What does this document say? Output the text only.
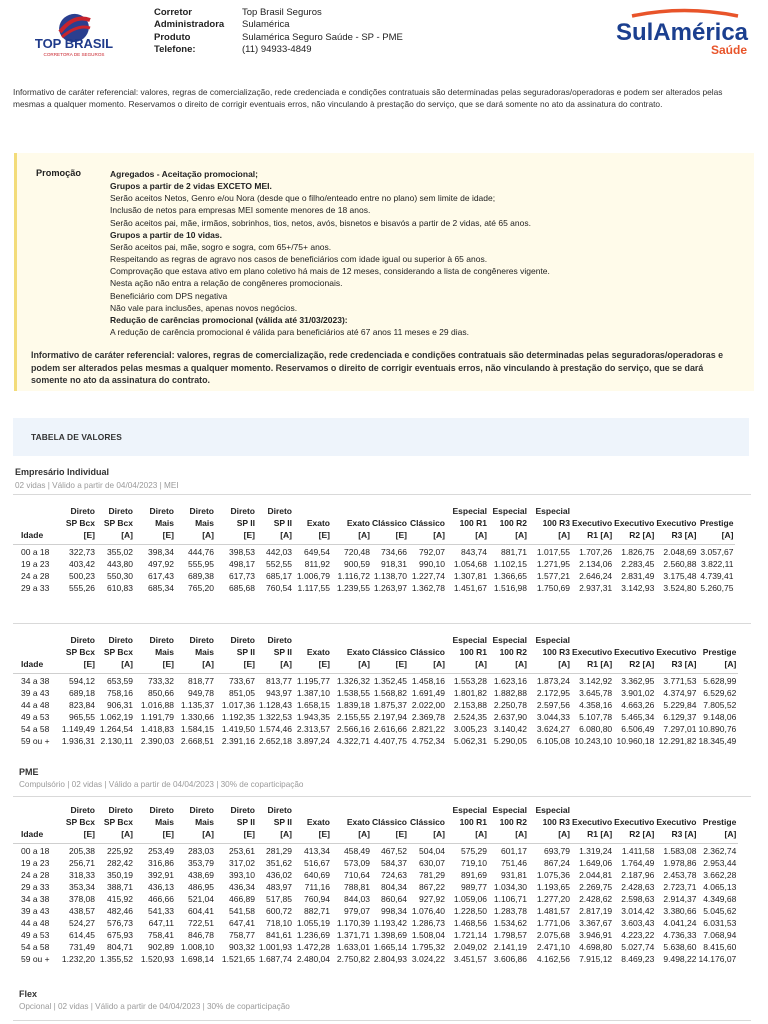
TOP BRASIL
CORRETORA DE SEGUROS
Corretor	Top Brasil Seguros
Administradora	Sulamérica
Produto	Sulamérica Seguro Saúde - SP - PME
Telefone:	(11) 94933-4849
SulAmérica
Saúde
Informativo de caráter referencial: valores, regras de comercialização, rede credenciada e condições contratuais são determinadas pelas seguradoras/operadoras e podem ser alterados pelas mesmas a qualquer momento. Reservamos o direito de corrigir eventuais erros, não vinculando à prestação do serviço, que se dará somente no ato da assinatura do contrato.
Promoção	Agregados - Aceitação promocional;
Grupos a partir de 2 vidas EXCETO MEI.
Serão aceitos Netos, Genro e/ou Nora (desde que o filho/enteado entre no plano) sem limite de idade;
Inclusão de netos para empresas MEI somente menores de 18 anos.
Serão aceitos pai, mãe, irmãos, sobrinhos, tios, netos, avós, bisnetos e bisavós a partir de 2 vidas, até 65 anos.
Grupos a partir de 10 vidas.
Serão aceitos pai, mãe, sogro e sogra, com 65+/75+ anos.
Respeitando as regras de agravo nos casos de beneficiários com idade igual ou superior à 65 anos.
Comprovação que estava ativo em plano coletivo há mais de 12 meses, considerando a lista de congêneres vigente.
Nesta ação não entra a relação de congêneres promocionais.
Beneficiário com DPS negativa
Não vale para inclusões, apenas novos negócios.
Redução de carências promocional (válida até 31/03/2023):
A redução de carência promocional é válida para beneficiários até 67 anos 11 meses e 29 dias.
Informativo de caráter referencial: valores, regras de comercialização, rede credenciada e condições contratuais são determinadas pelas seguradoras/operadoras e podem ser alterados pelas mesmas a qualquer momento. Reservamos o direito de corrigir eventuais erros, não vinculando à prestação do serviço, que se dará somente no ato da assinatura do contrato.
TABELA DE VALORES
Empresário Individual
02 vidas | Válido a partir de 04/04/2023 | MEI
	Direto	Direto	Direto	Direto	Direto	Direto					Especial	Especial	Especial				
	SP Bcx	SP Bcx	Mais	Mais	SP II	SP II	Exato	Exato	Clássico	Clássico	100 R1	100 R2	100 R3	Executivo	Executivo	Executivo	Prestige
Idade	[E]	[A]	[E]	[A]	[E]	[A]	[E]	[A]	[E]	[A]	[A]	[A]	[A]	R1 [A]	R2 [A]	R3 [A]	[A]
00 a 18	322,73	355,02	398,34	444,76	398,53	442,03	649,54	720,48	734,66	792,07	843,74	881,71	1.017,55	1.707,26	1.826,75	2.048,69	3.057,67
19 a 23	403,42	443,80	497,92	555,95	498,17	552,55	811,92	900,59	918,31	990,10	1.054,68	1.102,15	1.271,95	2.134,06	2.283,45	2.560,88	3.822,11
24 a 28	500,23	550,30	617,43	689,38	617,73	685,17	1.006,79	1.116,72	1.138,70	1.227,74	1.307,81	1.366,65	1.577,21	2.646,24	2.831,49	3.175,48	4.739,41
29 a 33	555,26	610,83	685,34	765,20	685,68	760,54	1.117,55	1.239,55	1.263,97	1.362,78	1.451,67	1.516,98	1.750,69	2.937,31	3.142,93	3.524,80	5.260,75
	Direto	Direto	Direto	Direto	Direto	Direto					Especial	Especial	Especial				
	SP Bcx	SP Bcx	Mais	Mais	SP II	SP II	Exato	Exato	Clássico	Clássico	100 R1	100 R2	100 R3	Executivo	Executivo	Executivo	Prestige
Idade	[E]	[A]	[E]	[A]	[E]	[A]	[E]	[A]	[E]	[A]	[A]	[A]	[A]	R1 [A]	R2 [A]	R3 [A]	[A]
34 a 38	594,12	653,59	733,32	818,77	733,67	813,77	1.195,77	1.326,32	1.352,45	1.458,16	1.553,28	1.623,16	1.873,24	3.142,92	3.362,95	3.771,53	5.628,99
39 a 43	689,18	758,16	850,66	949,78	851,05	943,97	1.387,10	1.538,55	1.568,82	1.691,49	1.801,82	1.882,88	2.172,95	3.645,78	3.901,02	4.374,97	6.529,62
44 a 48	823,84	906,31	1.016,88	1.135,37	1.017,36	1.128,43	1.658,15	1.839,18	1.875,37	2.022,00	2.153,88	2.250,78	2.597,56	4.358,16	4.663,26	5.229,84	7.805,52
49 a 53	965,55	1.062,19	1.191,79	1.330,66	1.192,35	1.322,53	1.943,35	2.155,55	2.197,94	2.369,78	2.524,35	2.637,90	3.044,33	5.107,78	5.465,34	6.129,37	9.148,06
54 a 58	1.149,49	1.264,54	1.418,83	1.584,15	1.419,50	1.574,46	2.313,57	2.566,16	2.616,66	2.821,22	3.005,23	3.140,42	3.624,27	6.080,80	6.506,49	7.297,01	10.890,76
59 ou +	1.936,31	2.130,11	2.390,03	2.668,51	2.391,16	2.652,18	3.897,24	4.322,71	4.407,75	4.752,34	5.062,31	5.290,05	6.105,08	10.243,10	10.960,18	12.291,82	18.345,49
PME
Compulsório | 02 vidas | Válido a partir de 04/04/2023 | 30% de coparticipação
	Direto	Direto	Direto	Direto	Direto	Direto					Especial	Especial	Especial				
	SP Bcx	SP Bcx	Mais	Mais	SP II	SP II	Exato	Exato	Clássico	Clássico	100 R1	100 R2	100 R3	Executivo	Executivo	Executivo	Prestige
Idade	[E]	[A]	[E]	[A]	[E]	[A]	[E]	[A]	[E]	[A]	[A]	[A]	[A]	R1 [A]	R2 [A]	R3 [A]	[A]
00 a 18	205,38	225,92	253,49	283,03	253,61	281,29	413,34	458,49	467,52	504,04	575,29	601,17	693,79	1.319,24	1.411,58	1.583,08	2.362,74
19 a 23	256,71	282,42	316,86	353,79	317,02	351,62	516,67	573,09	584,37	630,07	719,10	751,46	867,24	1.649,06	1.764,49	1.978,86	2.953,44
24 a 28	318,33	350,19	392,91	438,69	393,10	436,02	640,69	710,64	724,63	781,29	891,69	931,81	1.075,36	2.044,81	2.187,96	2.453,78	3.662,28
29 a 33	353,34	388,71	436,13	486,95	436,34	483,97	711,16	788,81	804,34	867,22	989,77	1.034,30	1.193,65	2.269,75	2.428,63	2.723,71	4.065,13
34 a 38	378,08	415,92	466,66	521,04	466,89	517,85	760,94	844,03	860,64	927,92	1.059,06	1.106,71	1.277,20	2.428,62	2.598,63	2.914,37	4.349,68
39 a 43	438,57	482,46	541,33	604,41	541,58	600,72	882,71	979,07	998,34	1.076,40	1.228,50	1.283,78	1.481,57	2.817,19	3.014,42	3.380,66	5.045,62
44 a 48	524,27	576,73	647,11	722,51	647,41	718,10	1.055,19	1.170,39	1.193,42	1.286,73	1.468,56	1.534,62	1.771,06	3.367,67	3.603,43	4.041,24	6.031,53
49 a 53	614,45	675,93	758,41	846,78	758,77	841,61	1.236,69	1.371,71	1.398,69	1.508,04	1.721,14	1.798,57	2.075,68	3.946,91	4.223,22	4.736,33	7.068,94
54 a 58	731,49	804,71	902,89	1.008,10	903,32	1.001,93	1.472,28	1.633,01	1.665,14	1.795,32	2.049,02	2.141,19	2.471,10	4.698,80	5.027,74	5.638,60	8.415,60
59 ou +	1.232,20	1.355,52	1.520,93	1.698,14	1.521,65	1.687,74	2.480,04	2.750,82	2.804,93	3.024,22	3.451,57	3.606,86	4.162,56	7.915,12	8.469,23	9.498,22	14.176,07
Flex
Opcional | 02 vidas | Válido a partir de 04/04/2023 | 30% de coparticipação
